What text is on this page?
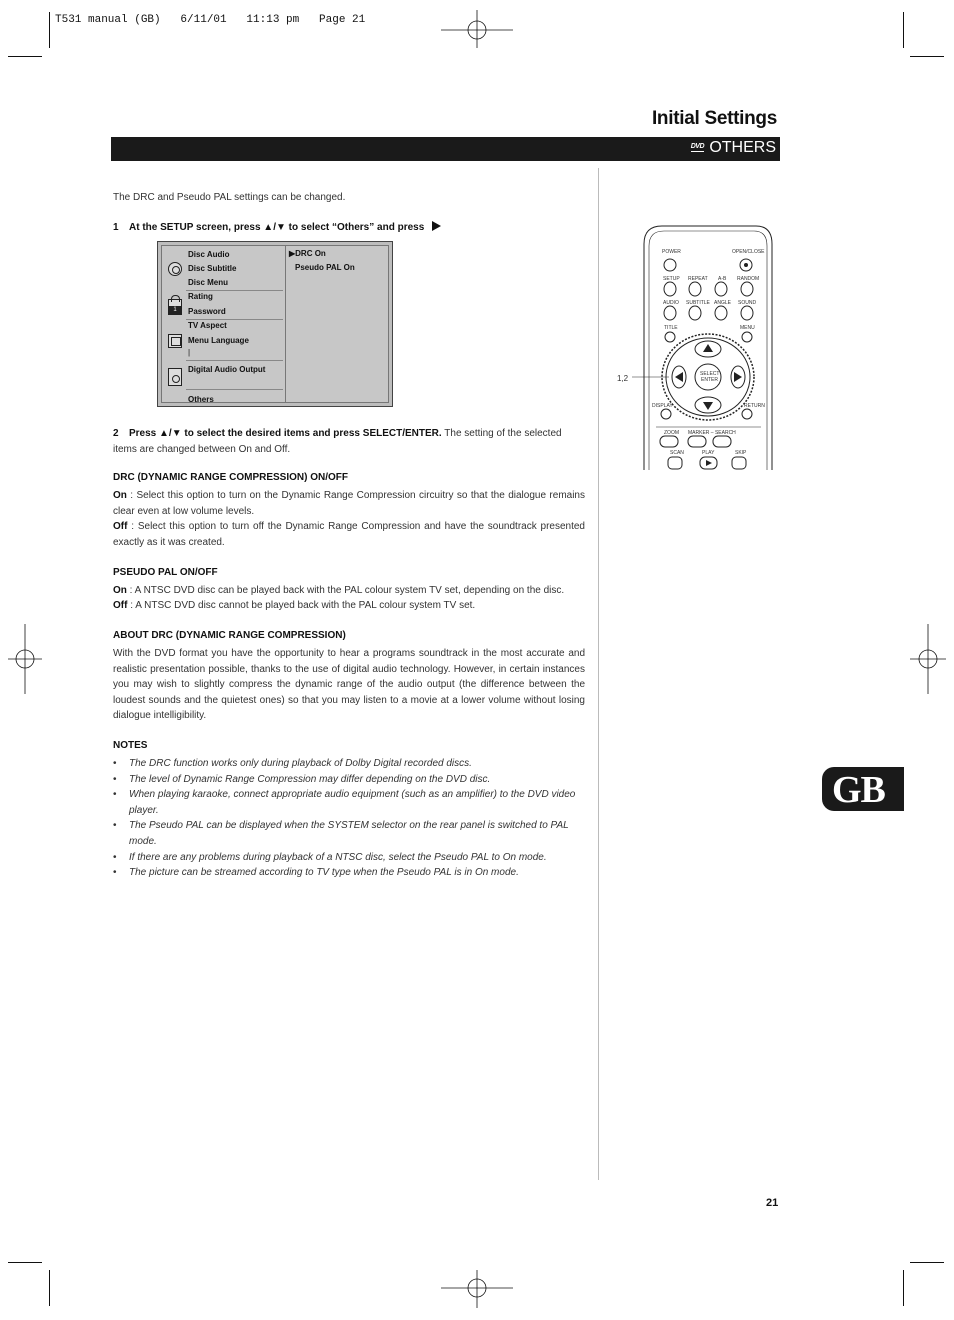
T531 manual (GB)   6/11/01   11:13 pm   Page 21
Initial Settings
DVD OTHERS
The DRC and Pseudo PAL settings can be changed.
1 At the SETUP screen, press ▲/▼ to select “Others” and press
Disc Audio
Disc Subtitle
Disc Menu
1
Rating
Password
TV Aspect
Menu Language
|
Digital Audio Output
Others
▶DRC On
Pseudo PAL On
2 Press ▲/▼ to select the desired items and press SELECT/ENTER. The setting of the selected items are changed between On and Off.
DRC (DYNAMIC RANGE COMPRESSION) ON/OFF
On : Select this option to turn on the Dynamic Range Compression circuitry so that the dialogue remains clear even at low volume levels.
Off : Select this option to turn off the Dynamic Range Compression and have the soundtrack presented exactly as it was created.
PSEUDO PAL ON/OFF
On : A NTSC DVD disc can be played back with the PAL colour system TV set, depending on the disc.
Off : A NTSC DVD disc cannot be played back with the PAL colour system TV set.
ABOUT DRC (DYNAMIC RANGE COMPRESSION)
With the DVD format you have the opportunity to hear a programs soundtrack in the most accurate and realistic presentation possible, thanks to the use of digital audio technology. However, in certain instances you may wish to slightly compress the dynamic range of the audio output (the difference between the loudest sounds and the quietest ones) so that you may listen to a movie at a lower volume without losing dialogue intelligibility.
NOTES
• The DRC function works only during playback of Dolby Digital recorded discs.
• The level of Dynamic Range Compression may differ depending on the DVD disc.
• When playing karaoke, connect appropriate audio equipment (such as an amplifier) to the DVD video player.
• The Pseudo PAL can be displayed when the SYSTEM selector on the rear panel is switched to PAL mode.
• If there are any problems during playback of a NTSC disc, select the Pseudo PAL to On mode.
• The picture can be streamed according to TV type when the Pseudo PAL is in On mode.
POWER	OPEN/CLOSE
SETUP REPEAT A-B RANDOM
AUDIO SUBTITLE ANGLE SOUND
TITLE	MENU
SELECT
ENTER
DISPLAY	RETURN
ZOOM MARKER – SEARCH
SCAN	PLAY	SKIP
1,2
GB
21
